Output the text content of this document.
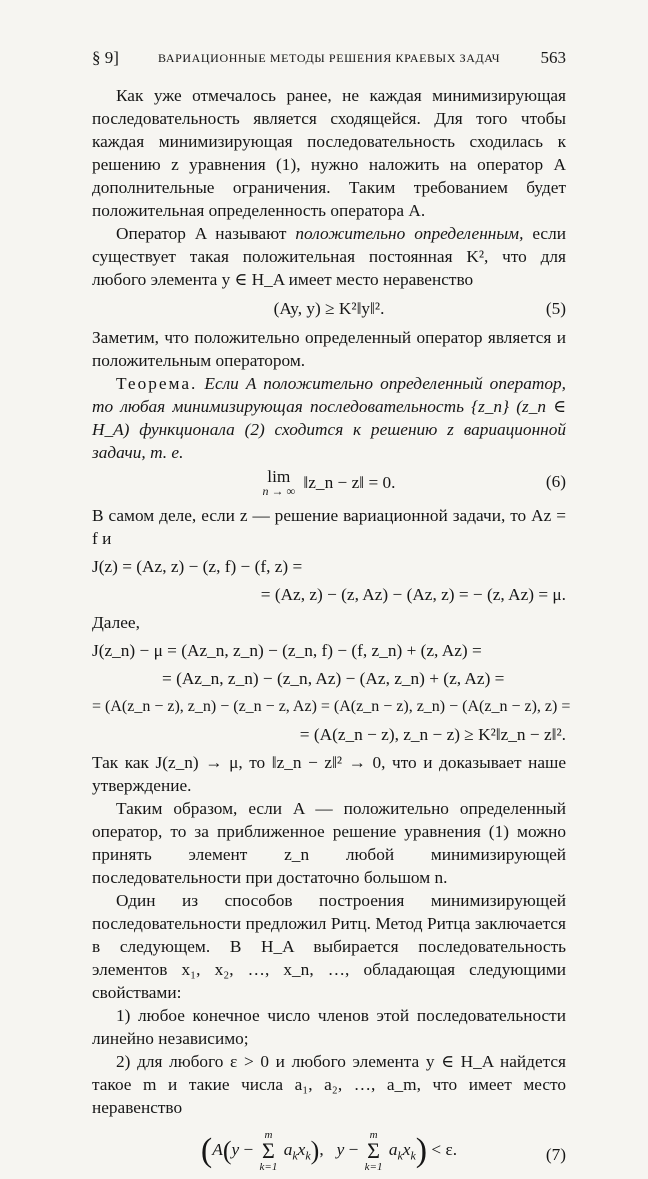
§ 9]	ВАРИАЦИОННЫЕ МЕТОДЫ РЕШЕНИЯ КРАЕВЫХ ЗАДАЧ 563

Как уже отмечалось ранее, не каждая минимизирующая последовательность является сходящейся. Для того чтобы каждая минимизирующая последовательность сходилась к решению z уравнения (1), нужно наложить на оператор A дополнительные ограничения. Таким требованием будет положительная определенность оператора A.

Оператор A называют положительно определенным, если существует такая положительная постоянная K², что для любого элемента y ∈ H_A имеет место неравенство

(Ay, y) ≥ K²‖y‖².	(5)

Заметим, что положительно определенный оператор является и положительным оператором.

Теорема. Если A положительно определенный оператор, то любая минимизирующая последовательность {z_n} (z_n ∈ H_A) функционала (2) сходится к решению z вариационной задачи, т. е.

lim
n → ∞ ‖z_n − z‖ = 0.	(6)

В самом деле, если z — решение вариационной задачи, то Az = f и

J(z) = (Az, z) − (z, f) − (f, z) =
= (Az, z) − (z, Az) − (Az, z) = − (z, Az) = μ.

Далее,

J(z_n) − μ = (Az_n, z_n) − (z_n, f) − (f, z_n) + (z, Az) =
= (Az_n, z_n) − (z_n, Az) − (Az, z_n) + (z, Az) =
= (A(z_n − z), z_n) − (z_n − z, Az) = (A(z_n − z), z_n) − (A(z_n − z), z) =
= (A(z_n − z), z_n − z) ≥ K²‖z_n − z‖².

Так как J(z_n) → μ, то ‖z_n − z‖² → 0, что и доказывает наше утверждение.

Таким образом, если A — положительно определенный оператор, то за приближенное решение уравнения (1) можно принять элемент z_n любой минимизирующей последовательности при достаточно большом n.

Один из способов построения минимизирующей последовательности предложил Ритц. Метод Ритца заключается в следующем. В H_A выбирается последовательность элементов x₁, x₂, …, x_n, …, обладающая следующими свойствами:

1) любое конечное число членов этой последовательности линейно независимо;

2) для любого ε > 0 и любого элемента y ∈ H_A найдется такое m и такие числа a₁, a₂, …, a_m, что имеет место неравенство

(A(y −
m
Σ
k=1
$a_kx_k$),   y −
m
Σ
k=1
$a_kx_k) < \varepsilon$.	(7)
